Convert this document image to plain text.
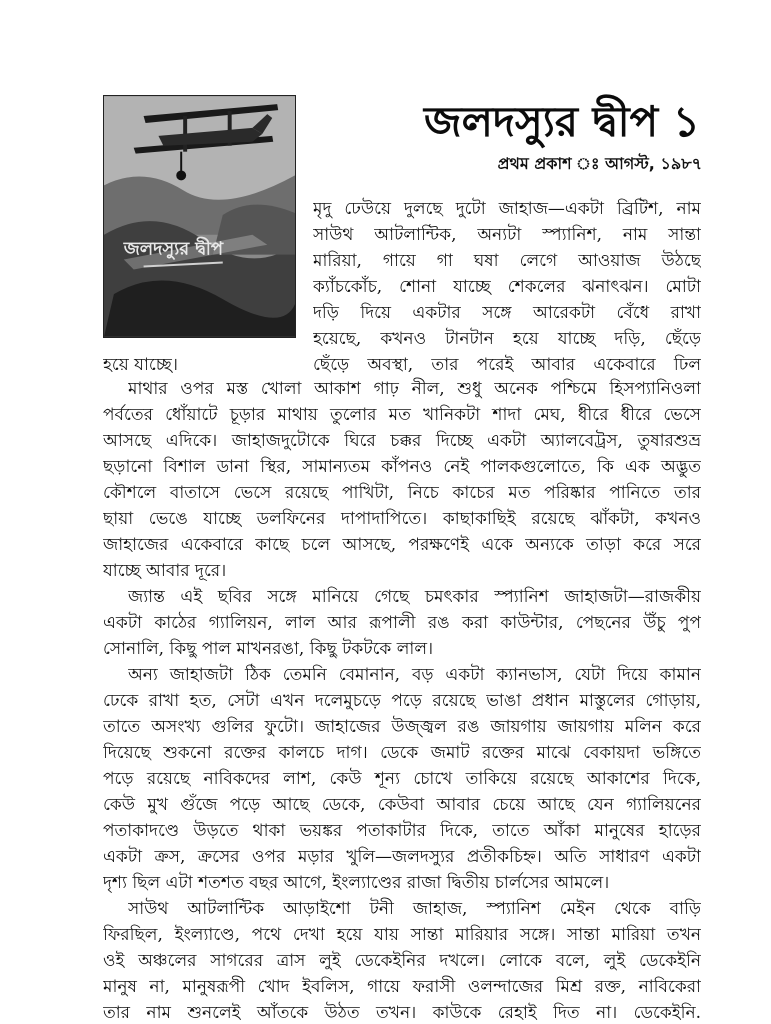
জলদস্যুর দ্বীপ
জলদস্যুর দ্বীপ ১
প্রথম প্রকাশ ঃ আগস্ট, ১৯৮৭
মৃদু ঢেউয়ে দুলছে দুটো জাহাজ—একটা ব্রিটিশ, নাম
সাউথ আটলান্টিক, অন্যটা স্প্যানিশ, নাম সান্তা
মারিয়া, গায়ে গা ঘষা লেগে আওয়াজ উঠছে
ক্যাঁচকোঁচ, শোনা যাচ্ছে শেকলের ঝনাৎঝন। মোটা
দড়ি দিয়ে একটার সঙ্গে আরেকটা বেঁধে রাখা
হয়েছে, কখনও টানটান হয়ে যাচ্ছে দড়ি, ছেঁড়ে
ছেঁড়ে অবস্থা, তার পরেই আবার একেবারে ঢিল
হয়ে যাচ্ছে।
মাথার ওপর মস্ত খোলা আকাশ গাঢ় নীল, শুধু অনেক পশ্চিমে হিসপ্যানিওলা
পর্বতের ধোঁয়াটে চূড়ার মাথায় তুলোর মত খানিকটা শাদা মেঘ, ধীরে ধীরে ভেসে
আসছে এদিকে। জাহাজদুটোকে ঘিরে চক্কর দিচ্ছে একটা অ্যালবেট্রস, তুষারশুভ্র
ছড়ানো বিশাল ডানা স্থির, সামান্যতম কাঁপনও নেই পালকগুলোতে, কি এক অদ্ভুত
কৌশলে বাতাসে ভেসে রয়েছে পাখিটা, নিচে কাচের মত পরিষ্কার পানিতে তার
ছায়া ভেঙে যাচ্ছে ডলফিনের দাপাদাপিতে। কাছাকাছিই রয়েছে ঝাঁকটা, কখনও
জাহাজের একেবারে কাছে চলে আসছে, পরক্ষণেই একে অন্যকে তাড়া করে সরে
যাচ্ছে আবার দূরে।
জ্যান্ত এই ছবির সঙ্গে মানিয়ে গেছে চমৎকার স্প্যানিশ জাহাজটা—রাজকীয়
একটা কাঠের গ্যালিয়ন, লাল আর রূপালী রঙ করা কাউন্টার, পেছনের উঁচু পুপ
সোনালি, কিছু পাল মাখনরঙা, কিছু টকটকে লাল।
অন্য জাহাজটা ঠিক তেমনি বেমানান, বড় একটা ক্যানভাস, যেটা দিয়ে কামান
ঢেকে রাখা হত, সেটা এখন দলেমুচড়ে পড়ে রয়েছে ভাঙা প্রধান মাস্তুলের গোড়ায়,
তাতে অসংখ্য গুলির ফুটো। জাহাজের উজ্জ্বল রঙ জায়গায় জায়গায় মলিন করে
দিয়েছে শুকনো রক্তের কালচে দাগ। ডেকে জমাট রক্তের মাঝে বেকায়দা ভঙ্গিতে
পড়ে রয়েছে নাবিকদের লাশ, কেউ শূন্য চোখে তাকিয়ে রয়েছে আকাশের দিকে,
কেউ মুখ গুঁজে পড়ে আছে ডেকে, কেউবা আবার চেয়ে আছে যেন গ্যালিয়নের
পতাকাদণ্ডে উড়তে থাকা ভয়ঙ্কর পতাকাটার দিকে, তাতে আঁকা মানুষের হাড়ের
একটা ক্রস, ক্রসের ওপর মড়ার খুলি—জলদস্যুর প্রতীকচিহ্ন। অতি সাধারণ একটা
দৃশ্য ছিল এটা শতশত বছর আগে, ইংল্যাণ্ডের রাজা দ্বিতীয় চার্লসের আমলে।
সাউথ আটলান্টিক আড়াইশো টনী জাহাজ, স্প্যানিশ মেইন থেকে বাড়ি
ফিরছিল, ইংল্যাণ্ডে, পথে দেখা হয়ে যায় সান্তা মারিয়ার সঙ্গে। সান্তা মারিয়া তখন
ওই অঞ্চলের সাগরের ত্রাস লুই ডেকেইনির দখলে। লোকে বলে, লুই ডেকেইনি
মানুষ না, মানুষরূপী খোদ ইবলিস, গায়ে ফরাসী ওলন্দাজের মিশ্র রক্ত, নাবিকেরা
তার নাম শুনলেই আঁতকে উঠত তখন। কাউকে রেহাই দিত না। ডেকেইনি.
